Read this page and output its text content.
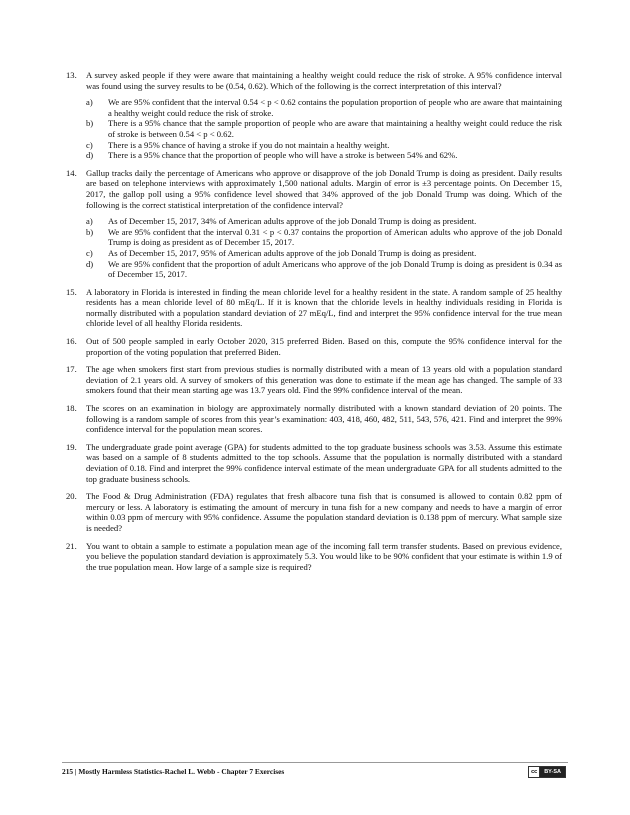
13. A survey asked people if they were aware that maintaining a healthy weight could reduce the risk of stroke. A 95% confidence interval was found using the survey results to be (0.54, 0.62). Which of the following is the correct interpretation of this interval?
a) We are 95% confident that the interval 0.54 < p < 0.62 contains the population proportion of people who are aware that maintaining a healthy weight could reduce the risk of stroke.
b) There is a 95% chance that the sample proportion of people who are aware that maintaining a healthy weight could reduce the risk of stroke is between 0.54 < p < 0.62.
c) There is a 95% chance of having a stroke if you do not maintain a healthy weight.
d) There is a 95% chance that the proportion of people who will have a stroke is between 54% and 62%.
14. Gallup tracks daily the percentage of Americans who approve or disapprove of the job Donald Trump is doing as president. Daily results are based on telephone interviews with approximately 1,500 national adults. Margin of error is ±3 percentage points. On December 15, 2017, the gallop poll using a 95% confidence level showed that 34% approved of the job Donald Trump was doing. Which of the following is the correct statistical interpretation of the confidence interval?
a) As of December 15, 2017, 34% of American adults approve of the job Donald Trump is doing as president.
b) We are 95% confident that the interval 0.31 < p < 0.37 contains the proportion of American adults who approve of the job Donald Trump is doing as president as of December 15, 2017.
c) As of December 15, 2017, 95% of American adults approve of the job Donald Trump is doing as president.
d) We are 95% confident that the proportion of adult Americans who approve of the job Donald Trump is doing as president is 0.34 as of December 15, 2017.
15. A laboratory in Florida is interested in finding the mean chloride level for a healthy resident in the state. A random sample of 25 healthy residents has a mean chloride level of 80 mEq/L. If it is known that the chloride levels in healthy individuals residing in Florida is normally distributed with a population standard deviation of 27 mEq/L, find and interpret the 95% confidence interval for the true mean chloride level of all healthy Florida residents.
16. Out of 500 people sampled in early October 2020, 315 preferred Biden. Based on this, compute the 95% confidence interval for the proportion of the voting population that preferred Biden.
17. The age when smokers first start from previous studies is normally distributed with a mean of 13 years old with a population standard deviation of 2.1 years old. A survey of smokers of this generation was done to estimate if the mean age has changed. The sample of 33 smokers found that their mean starting age was 13.7 years old. Find the 99% confidence interval of the mean.
18. The scores on an examination in biology are approximately normally distributed with a known standard deviation of 20 points. The following is a random sample of scores from this year’s examination: 403, 418, 460, 482, 511, 543, 576, 421. Find and interpret the 99% confidence interval for the population mean scores.
19. The undergraduate grade point average (GPA) for students admitted to the top graduate business schools was 3.53. Assume this estimate was based on a sample of 8 students admitted to the top schools. Assume that the population is normally distributed with a standard deviation of 0.18. Find and interpret the 99% confidence interval estimate of the mean undergraduate GPA for all students admitted to the top graduate business schools.
20. The Food & Drug Administration (FDA) regulates that fresh albacore tuna fish that is consumed is allowed to contain 0.82 ppm of mercury or less. A laboratory is estimating the amount of mercury in tuna fish for a new company and needs to have a margin of error within 0.03 ppm of mercury with 95% confidence. Assume the population standard deviation is 0.138 ppm of mercury. What sample size is needed?
21. You want to obtain a sample to estimate a population mean age of the incoming fall term transfer students. Based on previous evidence, you believe the population standard deviation is approximately 5.3. You would like to be 90% confident that your estimate is within 1.9 of the true population mean. How large of a sample size is required?
215 | Mostly Harmless Statistics-Rachel L. Webb - Chapter 7 Exercises	cc	BY-SA
